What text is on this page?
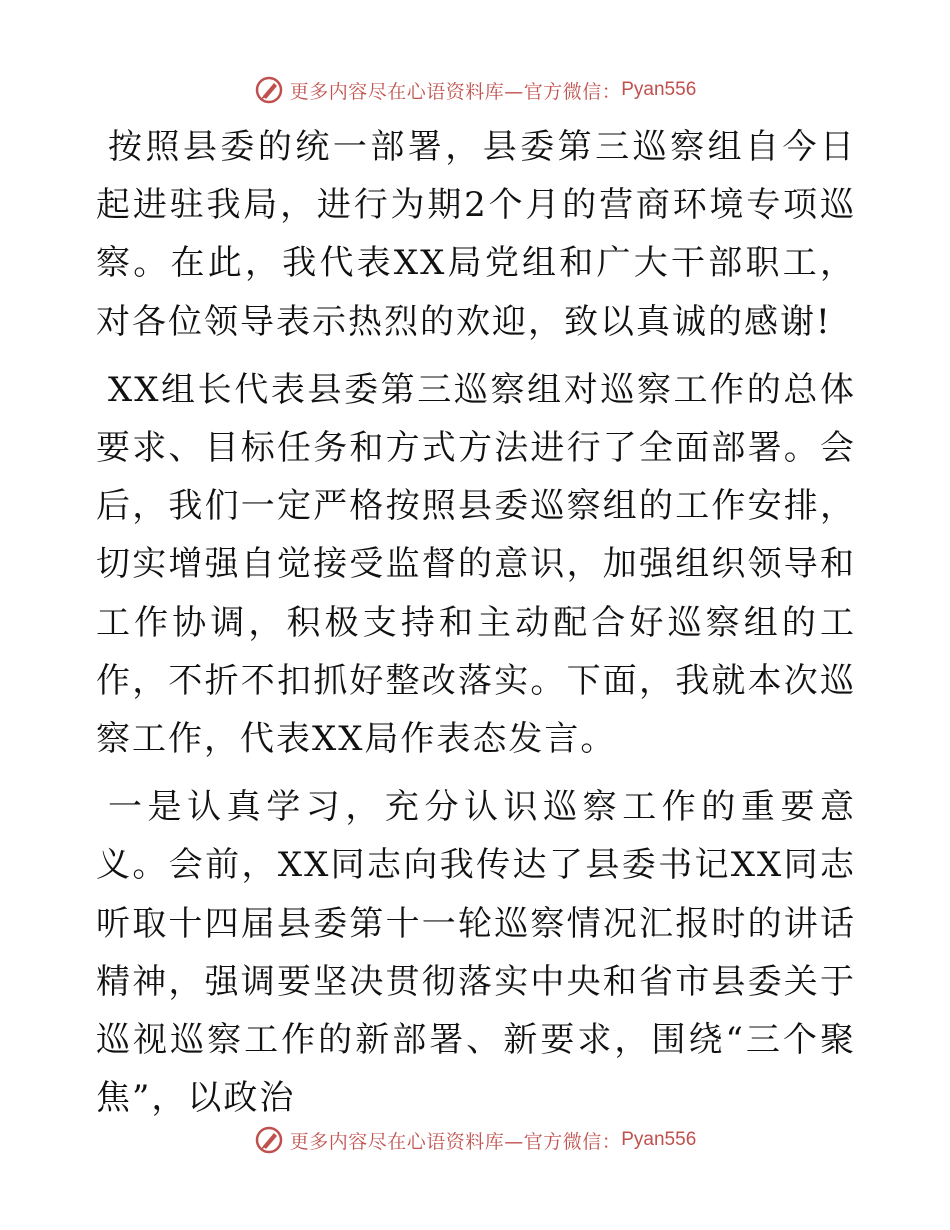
更多内容尽在心语资料库—官方微信： Pyan556

按照县委的统一部署，县委第三巡察组自今日起进驻我局，进行为期2个月的营商环境专项巡察。在此，我代表XX局党组和广大干部职工，对各位领导表示热烈的欢迎，致以真诚的感谢!

XX组长代表县委第三巡察组对巡察工作的总体要求、目标任务和方式方法进行了全面部署。会后，我们一定严格按照县委巡察组的工作安排，切实增强自觉接受监督的意识，加强组织领导和工作协调，积极支持和主动配合好巡察组的工作，不折不扣抓好整改落实。下面，我就本次巡察工作，代表XX局作表态发言。

一是认真学习，充分认识巡察工作的重要意义。会前，XX同志向我传达了县委书记XX同志听取十四届县委第十一轮巡察情况汇报时的讲话精神，强调要坚决贯彻落实中央和省市县委关于巡视巡察工作的新部署、新要求，围绕“三个聚焦”，以政治

更多内容尽在心语资料库—官方微信： Pyan556
